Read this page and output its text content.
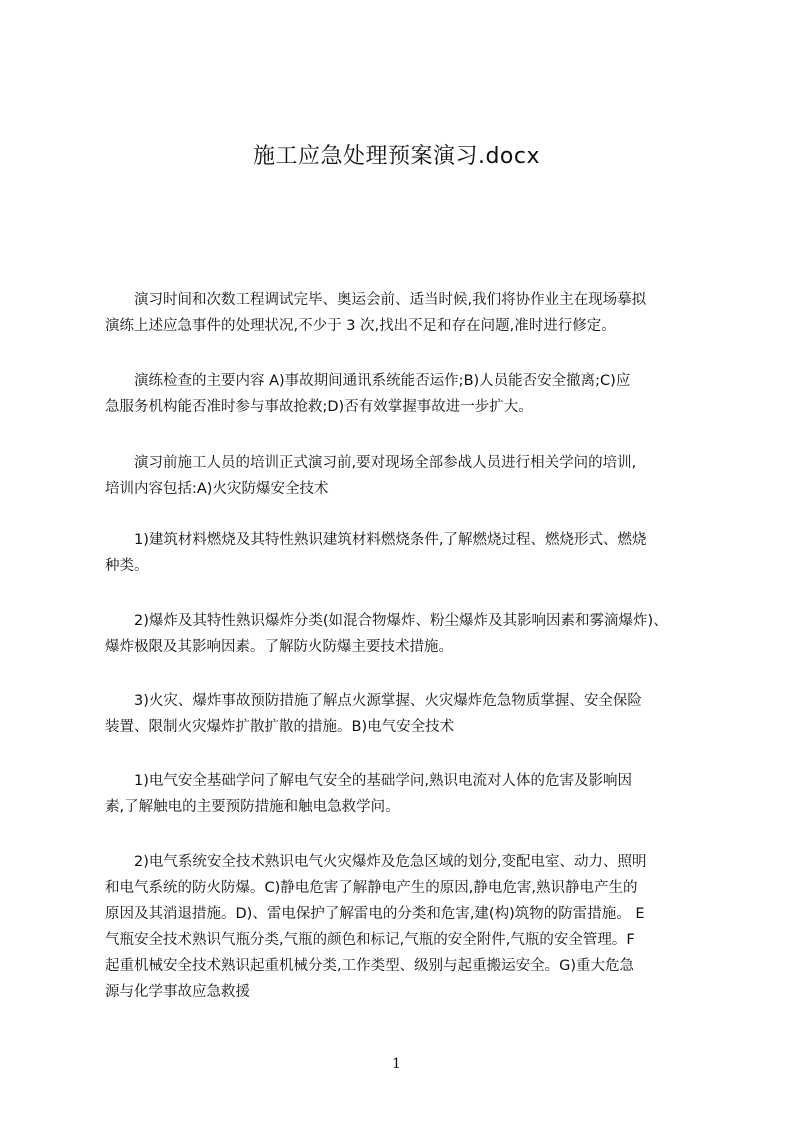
施工应急处理预案演习.docx

　　演习时间和次数工程调试完毕、奥运会前、适当时候,我们将协作业主在现场摹拟
演练上述应急事件的处理状况,不少于 3 次,找出不足和存在问题,准时进行修定。

　　演练检查的主要内容 A)事故期间通讯系统能否运作;B)人员能否安全撤离;C)应
急服务机构能否准时参与事故抢救;D)否有效掌握事故进一步扩大。

　　演习前施工人员的培训正式演习前,要对现场全部参战人员进行相关学问的培训,
培训内容包括:A)火灾防爆安全技术

　　1)建筑材料燃烧及其特性熟识建筑材料燃烧条件,了解燃烧过程、燃烧形式、燃烧
种类。

　　2)爆炸及其特性熟识爆炸分类(如混合物爆炸、粉尘爆炸及其影响因素和雾滴爆炸)、
爆炸极限及其影响因素。了解防火防爆主要技术措施。

　　3)火灾、爆炸事故预防措施了解点火源掌握、火灾爆炸危急物质掌握、安全保险
装置、限制火灾爆炸扩散扩散的措施。B)电气安全技术

　　1)电气安全基础学问了解电气安全的基础学问,熟识电流对人体的危害及影响因
素,了解触电的主要预防措施和触电急救学问。

　　2)电气系统安全技术熟识电气火灾爆炸及危急区域的划分,变配电室、动力、照明
和电气系统的防火防爆。C)静电危害了解静电产生的原因,静电危害,熟识静电产生的
原因及其消退措施。D)、雷电保护了解雷电的分类和危害,建(构)筑物的防雷措施。 E
气瓶安全技术熟识气瓶分类,气瓶的颜色和标记,气瓶的安全附件,气瓶的安全管理。F
起重机械安全技术熟识起重机械分类,工作类型、级别与起重搬运安全。G)重大危急
源与化学事故应急救援

1
